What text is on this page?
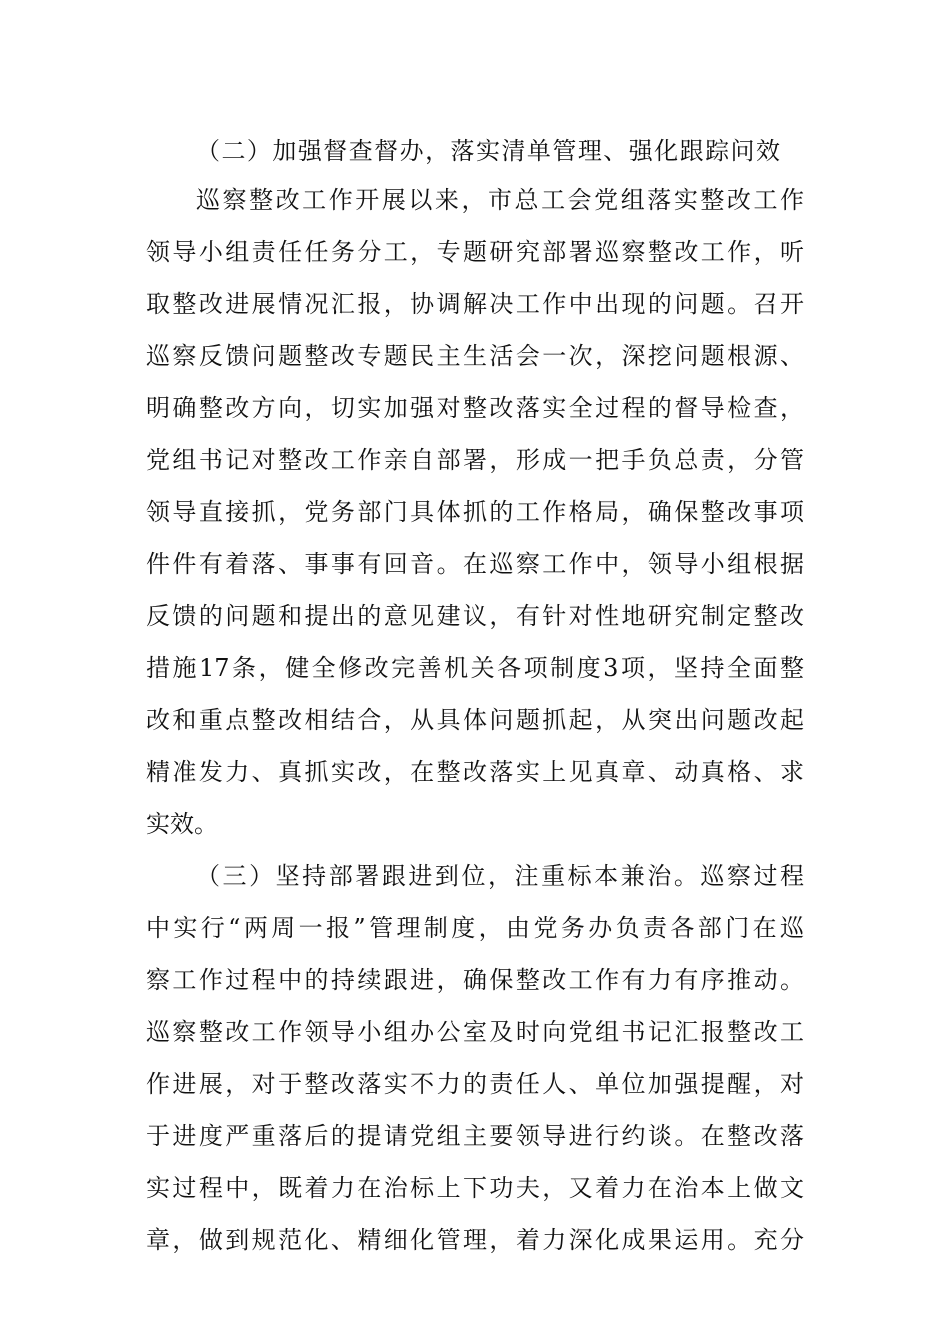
（二）加强督查督办，落实清单管理、强化跟踪问效
巡察整改工作开展以来，市总工会党组落实整改工作
领导小组责任任务分工，专题研究部署巡察整改工作，听
取整改进展情况汇报，协调解决工作中出现的问题。召开
巡察反馈问题整改专题民主生活会一次，深挖问题根源、
明确整改方向，切实加强对整改落实全过程的督导检查，
党组书记对整改工作亲自部署，形成一把手负总责，分管
领导直接抓，党务部门具体抓的工作格局，确保整改事项
件件有着落、事事有回音。在巡察工作中，领导小组根据
反馈的问题和提出的意见建议，有针对性地研究制定整改
措施17条，健全修改完善机关各项制度3项，坚持全面整
改和重点整改相结合，从具体问题抓起，从突出问题改起
精准发力、真抓实改，在整改落实上见真章、动真格、求
实效。
（三）坚持部署跟进到位，注重标本兼治。巡察过程
中实行“两周一报”管理制度，由党务办负责各部门在巡
察工作过程中的持续跟进，确保整改工作有力有序推动。
巡察整改工作领导小组办公室及时向党组书记汇报整改工
作进展，对于整改落实不力的责任人、单位加强提醒，对
于进度严重落后的提请党组主要领导进行约谈。在整改落
实过程中，既着力在治标上下功夫，又着力在治本上做文
章，做到规范化、精细化管理，着力深化成果运用。充分
